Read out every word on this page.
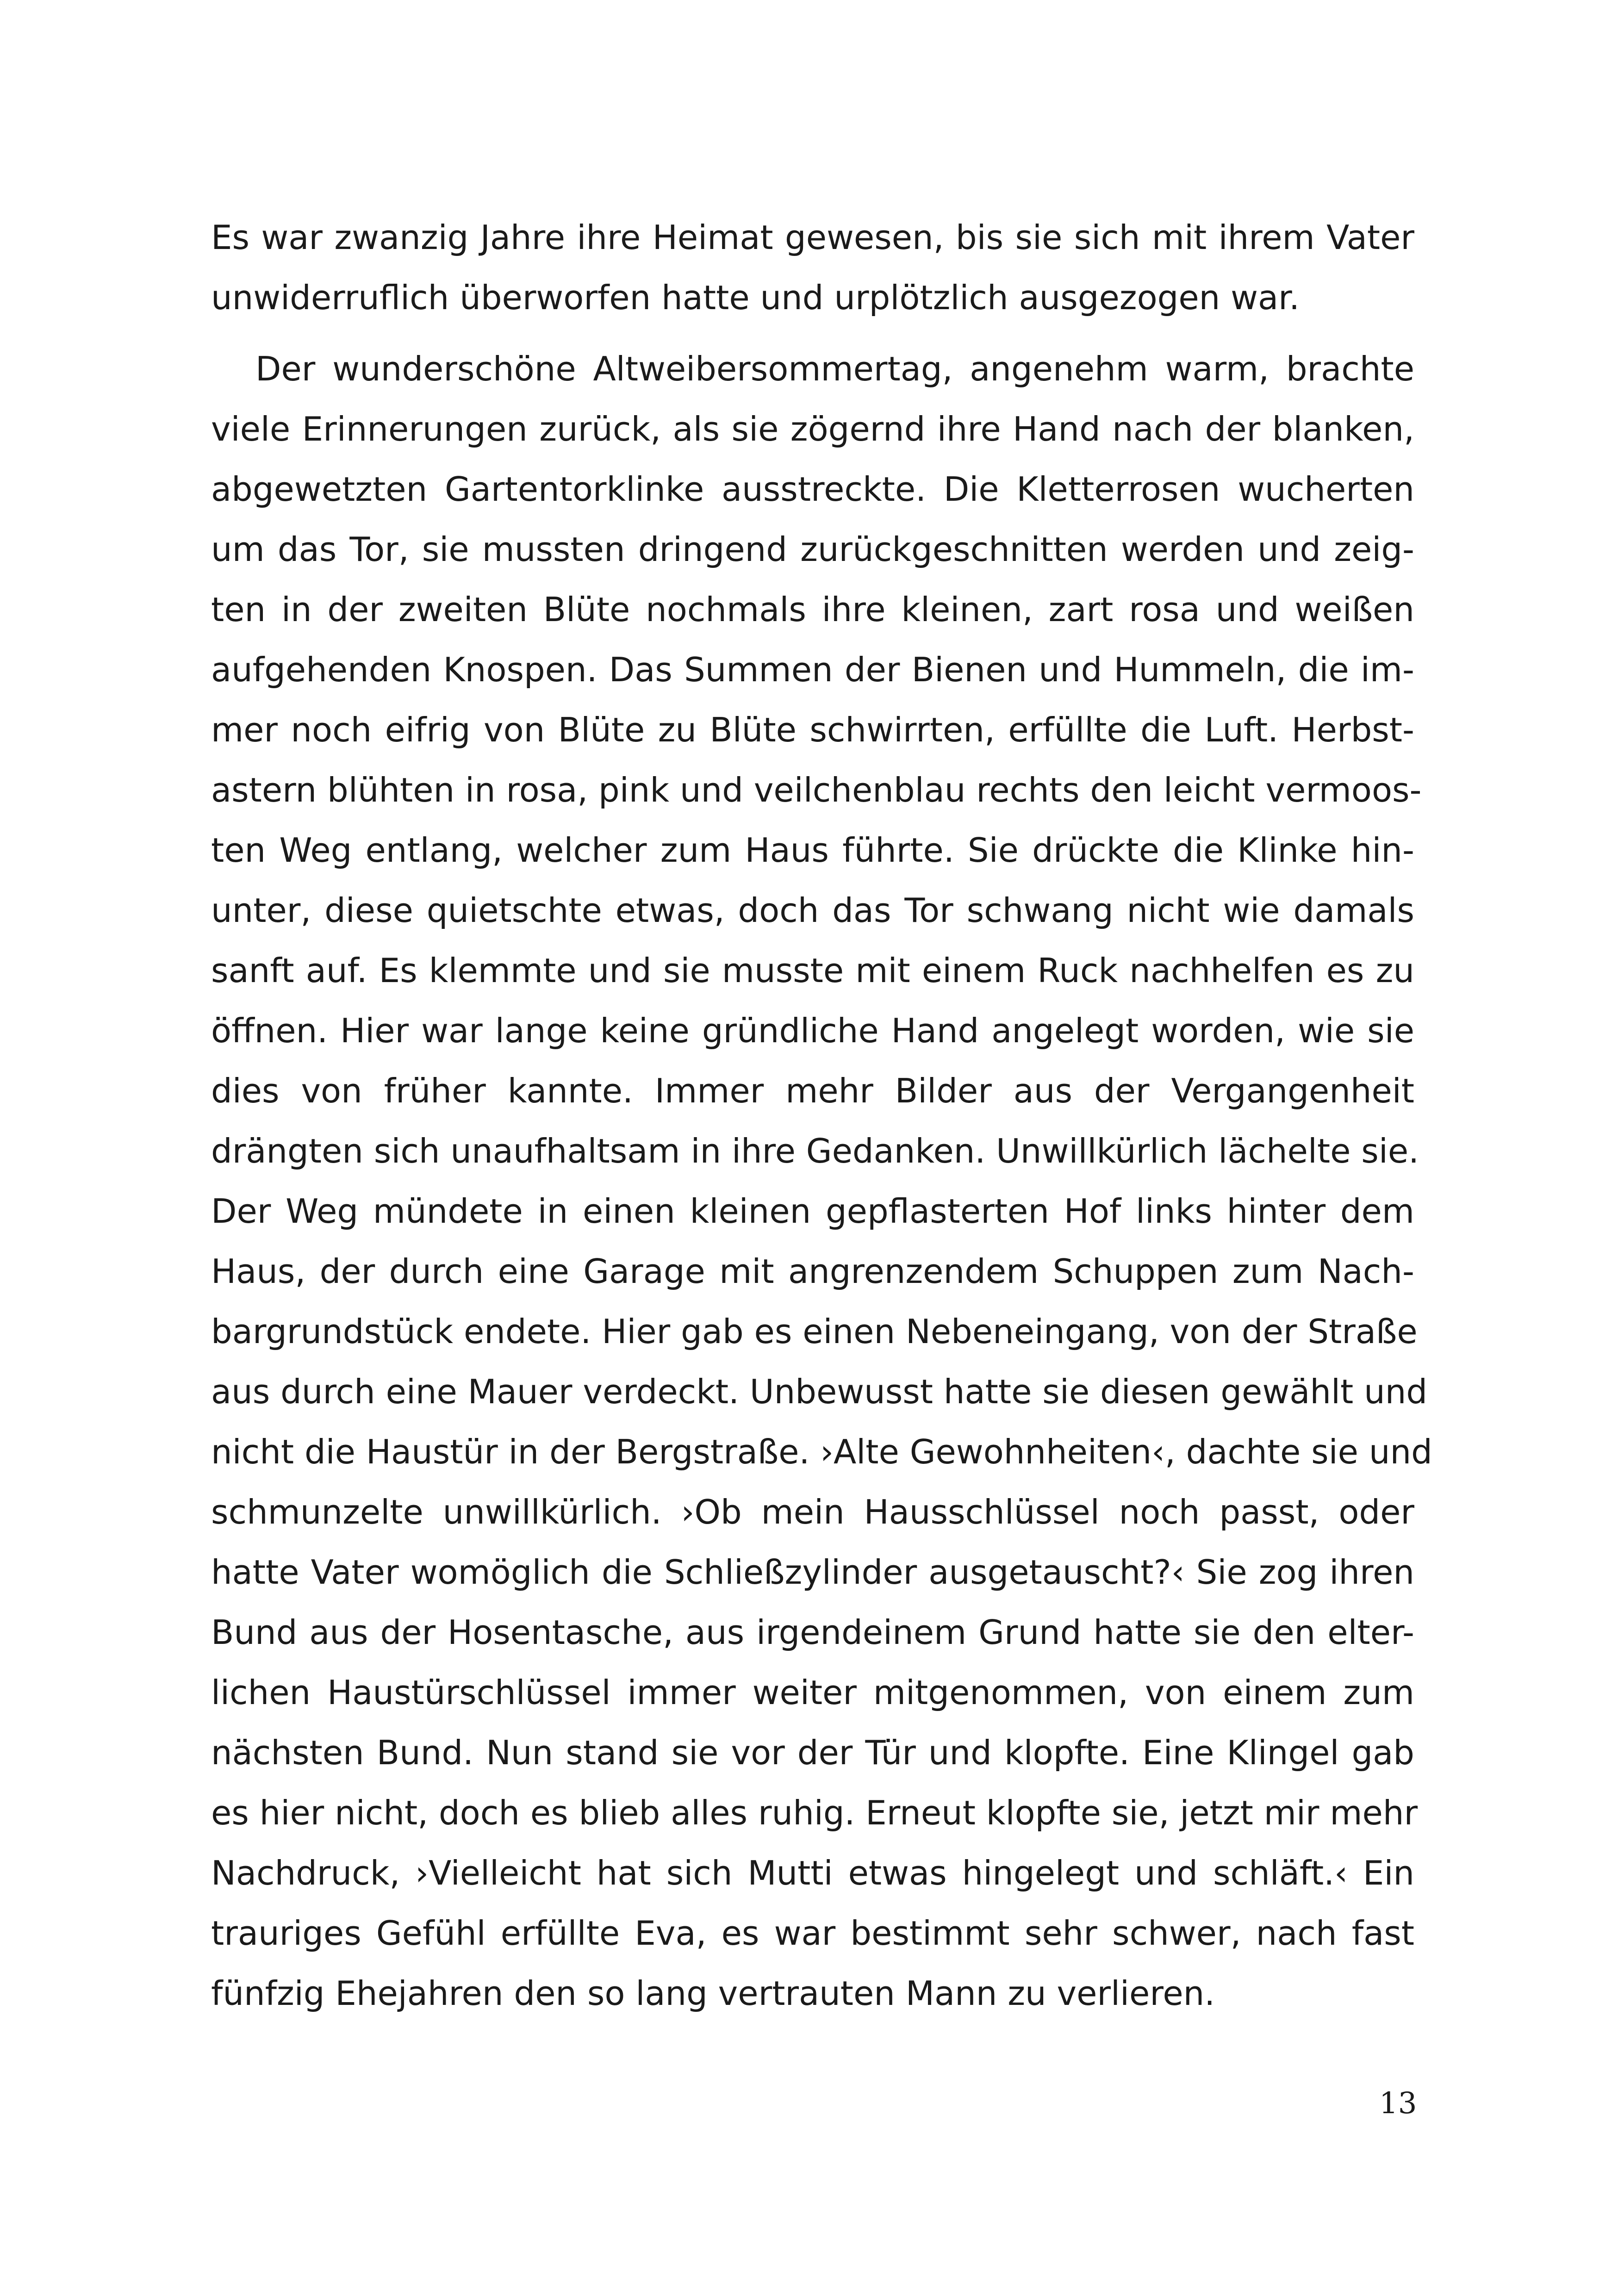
Es war zwanzig Jahre ihre Heimat gewesen, bis sie sich mit ihrem Vater
unwiderruflich überworfen hatte und urplötzlich ausgezogen war.
Der wunderschöne Altweibersommertag, angenehm warm, brachte
viele Erinnerungen zurück, als sie zögernd ihre Hand nach der blanken,
abgewetzten Gartentorklinke ausstreckte. Die Kletterrosen wucherten
um das Tor, sie mussten dringend zurückgeschnitten werden und zeig-
ten in der zweiten Blüte nochmals ihre kleinen, zart rosa und weißen
aufgehenden Knospen. Das Summen der Bienen und Hummeln, die im-
mer noch eifrig von Blüte zu Blüte schwirrten, erfüllte die Luft. Herbst-
astern blühten in rosa, pink und veilchenblau rechts den leicht vermoos-
ten Weg entlang, welcher zum Haus führte. Sie drückte die Klinke hin-
unter, diese quietschte etwas, doch das Tor schwang nicht wie damals
sanft auf. Es klemmte und sie musste mit einem Ruck nachhelfen es zu
öffnen. Hier war lange keine gründliche Hand angelegt worden, wie sie
dies von früher kannte. Immer mehr Bilder aus der Vergangenheit
drängten sich unaufhaltsam in ihre Gedanken. Unwillkürlich lächelte sie.
Der Weg mündete in einen kleinen gepflasterten Hof links hinter dem
Haus, der durch eine Garage mit angrenzendem Schuppen zum Nach-
bargrundstück endete. Hier gab es einen Nebeneingang, von der Straße
aus durch eine Mauer verdeckt. Unbewusst hatte sie diesen gewählt und
nicht die Haustür in der Bergstraße. ›Alte Gewohnheiten‹, dachte sie und
schmunzelte unwillkürlich. ›Ob mein Hausschlüssel noch passt, oder
hatte Vater womöglich die Schließzylinder ausgetauscht?‹ Sie zog ihren
Bund aus der Hosentasche, aus irgendeinem Grund hatte sie den elter-
lichen Haustürschlüssel immer weiter mitgenommen, von einem zum
nächsten Bund. Nun stand sie vor der Tür und klopfte. Eine Klingel gab
es hier nicht, doch es blieb alles ruhig. Erneut klopfte sie, jetzt mir mehr
Nachdruck, ›Vielleicht hat sich Mutti etwas hingelegt und schläft.‹ Ein
trauriges Gefühl erfüllte Eva, es war bestimmt sehr schwer, nach fast
fünfzig Ehejahren den so lang vertrauten Mann zu verlieren.
13
